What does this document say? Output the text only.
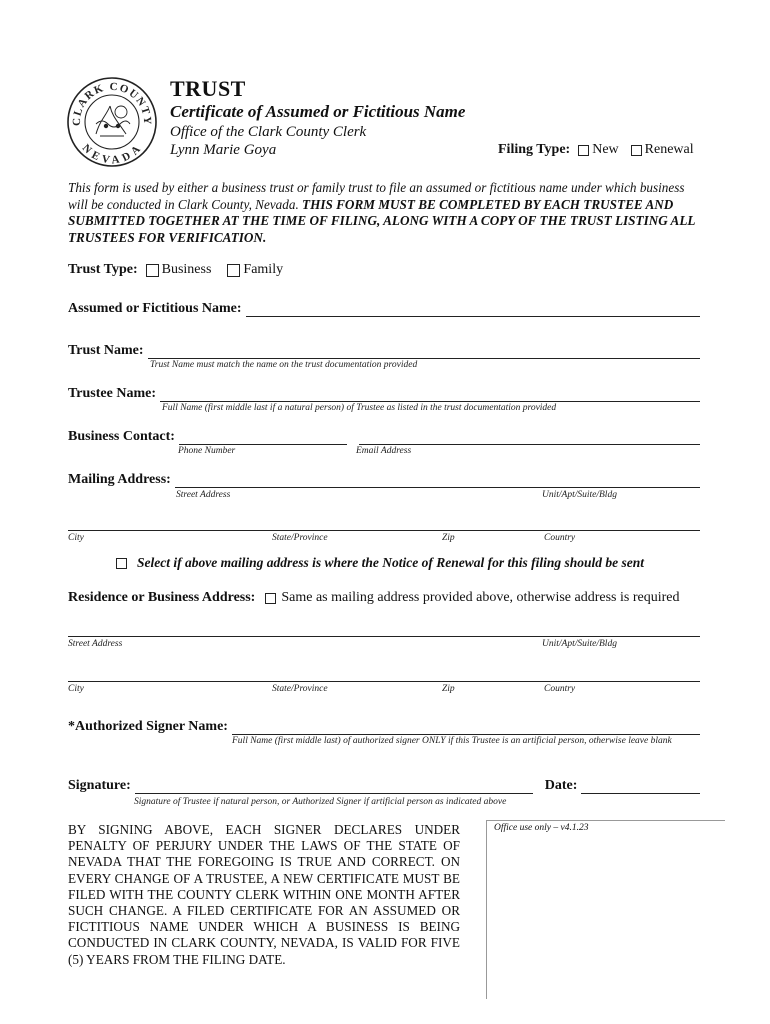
CLARK COUNTY
NEVADA
TRUST
Certificate of Assumed or Fictitious Name
Office of the Clark County Clerk
Lynn Marie Goya	Filing Type: New Renewal
This form is used by either a business trust or family trust to file an assumed or fictitious name under which business will be conducted in Clark County, Nevada. THIS FORM MUST BE COMPLETED BY EACH TRUSTEE AND SUBMITTED TOGETHER AT THE TIME OF FILING, ALONG WITH A COPY OF THE TRUST LISTING ALL TRUSTEES FOR VERIFICATION.
Trust Type: Business Family
Assumed or Fictitious Name:
Trust Name:
Trust Name must match the name on the trust documentation provided
Trustee Name:
Full Name (first middle last if a natural person) of Trustee as listed in the trust documentation provided
Business Contact:
Phone Number	Email Address
Mailing Address:
Street Address	Unit/Apt/Suite/Bldg
City	State/Province	Zip	Country
Select if above mailing address is where the Notice of Renewal for this filing should be sent
Residence or Business Address: Same as mailing address provided above, otherwise address is required
Street Address	Unit/Apt/Suite/Bldg
City	State/Province	Zip	Country
*Authorized Signer Name:
Full Name (first middle last) of authorized signer ONLY if this Trustee is an artificial person, otherwise leave blank
Signature:	Date:
Signature of Trustee if natural person, or Authorized Signer if artificial person as indicated above
BY SIGNING ABOVE, EACH SIGNER DECLARES UNDER PENALTY OF PERJURY UNDER THE LAWS OF THE STATE OF NEVADA THAT THE FOREGOING IS TRUE AND CORRECT. ON EVERY CHANGE OF A TRUSTEE, A NEW CERTIFICATE MUST BE FILED WITH THE COUNTY CLERK WITHIN ONE MONTH AFTER SUCH CHANGE. A FILED CERTIFICATE FOR AN ASSUMED OR FICTITIOUS NAME UNDER WHICH A BUSINESS IS BEING CONDUCTED IN CLARK COUNTY, NEVADA, IS VALID FOR FIVE (5) YEARS FROM THE FILING DATE.
Office use only – v4.1.23
